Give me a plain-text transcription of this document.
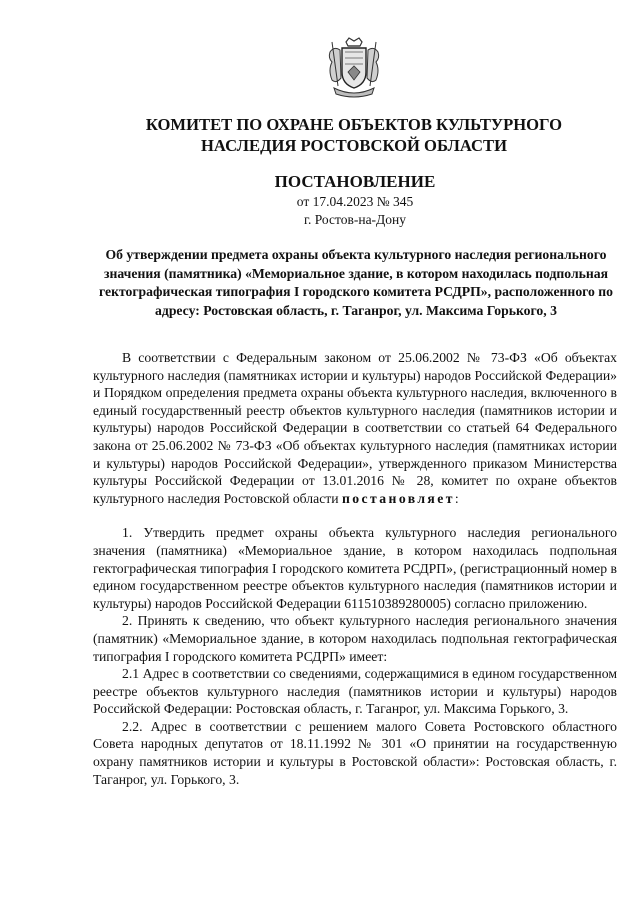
КОМИТЕТ ПО ОХРАНЕ ОБЪЕКТОВ КУЛЬТУРНОГО НАСЛЕДИЯ РОСТОВСКОЙ ОБЛАСТИ
ПОСТАНОВЛЕНИЕ
от 17.04.2023 № 345
г. Ростов-на-Дону
Об утверждении предмета охраны объекта культурного наследия регионального значения (памятника) «Мемориальное здание, в котором находилась подпольная гектографическая типография I городского комитета РСДРП», расположенного по адресу: Ростовская область, г. Таганрог, ул. Максима Горького, 3

В соответствии с Федеральным законом от 25.06.2002 № 73-ФЗ «Об объектах культурного наследия (памятниках истории и культуры) народов Российской Федерации» и Порядком определения предмета охраны объекта культурного наследия, включенного в единый государственный реестр объектов культурного наследия (памятников истории и культуры) народов Российской Федерации в соответствии со статьей 64 Федерального закона от 25.06.2002 № 73-ФЗ «Об объектах культурного наследия (памятниках истории и культуры) народов Российской Федерации», утвержденного приказом Министерства культуры Российской Федерации от 13.01.2016 № 28, комитет по охране объектов культурного наследия Ростовской области постановляет:

1. Утвердить предмет охраны объекта культурного наследия регионального значения (памятника) «Мемориальное здание, в котором находилась подпольная гектографическая типография I городского комитета РСДРП», (регистрационный номер в едином государственном реестре объектов культурного наследия (памятников истории и культуры) народов Российской Федерации 611510389280005) согласно приложению.

2. Принять к сведению, что объект культурного наследия регионального значения (памятник) «Мемориальное здание, в котором находилась подпольная гектографическая типография I городского комитета РСДРП» имеет:

2.1 Адрес в соответствии со сведениями, содержащимися в едином государственном реестре объектов культурного наследия (памятников истории и культуры) народов Российской Федерации: Ростовская область, г. Таганрог, ул. Максима Горького, 3.

2.2. Адрес в соответствии с решением малого Совета Ростовского областного Совета народных депутатов от 18.11.1992 № 301 «О принятии на государственную охрану памятников истории и культуры в Ростовской области»: Ростовская область, г. Таганрог, ул. Горького, 3.
